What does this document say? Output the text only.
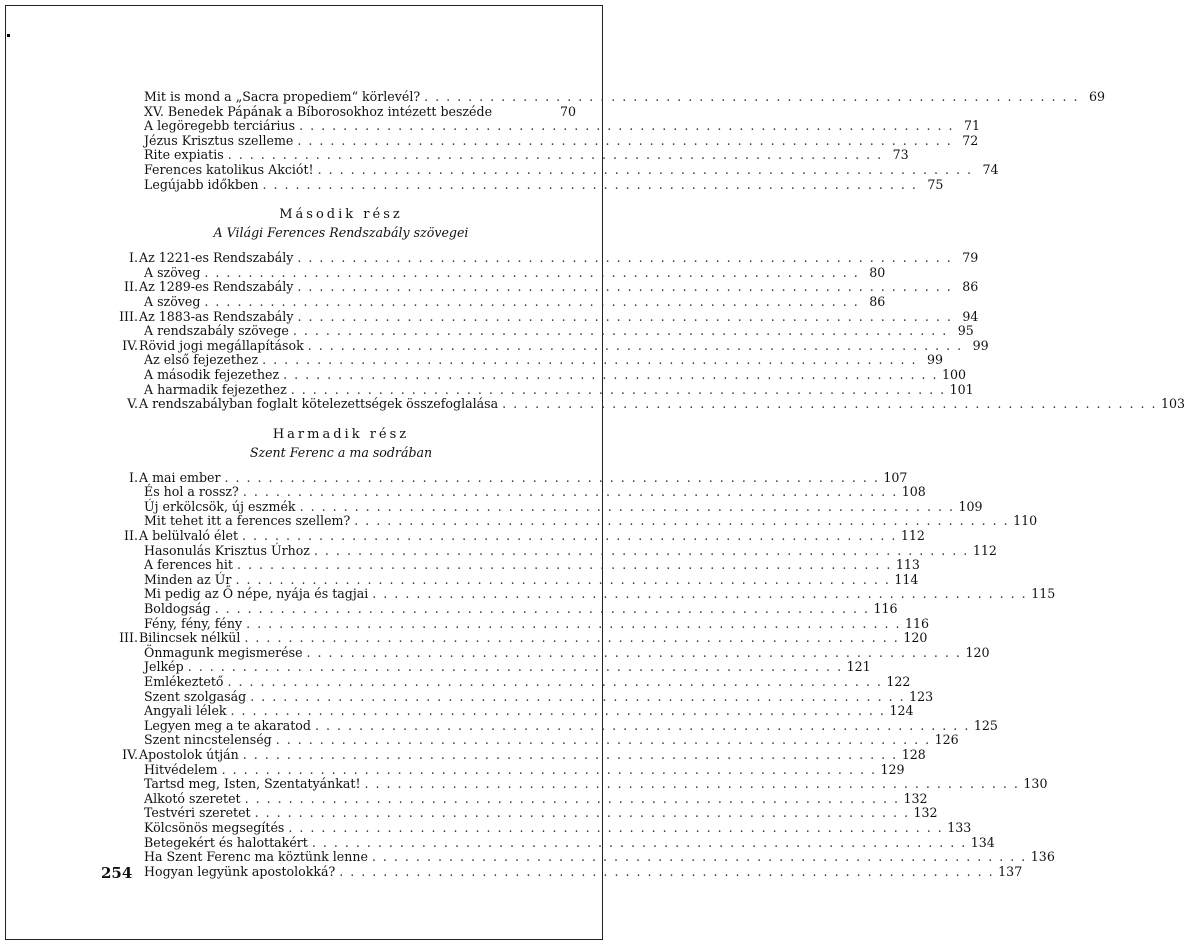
Mit is mond a „Sacra propediem“ körlevél? . . . . . . . . . . . . . . . . . . . . . . . . . . . . . . . . . . . . . . . . . . . . . . . . . . . . . . . . . . . . 69
XV. Benedek Pápának a Bíborosokhoz intézett beszéde	70
A legöregebb terciárius . . . . . . . . . . . . . . . . . . . . . . . . . . . . . . . . . . . . . . . . . . . . . . . . . . . . . . . . . . . . 71
Jézus Krisztus szelleme . . . . . . . . . . . . . . . . . . . . . . . . . . . . . . . . . . . . . . . . . . . . . . . . . . . . . . . . . . . . 72
Rite expiatis . . . . . . . . . . . . . . . . . . . . . . . . . . . . . . . . . . . . . . . . . . . . . . . . . . . . . . . . . . . . 73
Ferences katolikus Akciót! . . . . . . . . . . . . . . . . . . . . . . . . . . . . . . . . . . . . . . . . . . . . . . . . . . . . . . . . . . . . 74
Legújabb időkben . . . . . . . . . . . . . . . . . . . . . . . . . . . . . . . . . . . . . . . . . . . . . . . . . . . . . . . . . . . . 75
Második rész
A Világi Ferences Rendszabály szövegei
I. Az 1221-es Rendszabály . . . . . . . . . . . . . . . . . . . . . . . . . . . . . . . . . . . . . . . . . . . . . . . . . . . . . . . . . . . . 79
A szöveg . . . . . . . . . . . . . . . . . . . . . . . . . . . . . . . . . . . . . . . . . . . . . . . . . . . . . . . . . . . . 80
II. Az 1289-es Rendszabály . . . . . . . . . . . . . . . . . . . . . . . . . . . . . . . . . . . . . . . . . . . . . . . . . . . . . . . . . . . . 86
A szöveg . . . . . . . . . . . . . . . . . . . . . . . . . . . . . . . . . . . . . . . . . . . . . . . . . . . . . . . . . . . . 86
III. Az 1883-as Rendszabály . . . . . . . . . . . . . . . . . . . . . . . . . . . . . . . . . . . . . . . . . . . . . . . . . . . . . . . . . . . . 94
A rendszabály szövege . . . . . . . . . . . . . . . . . . . . . . . . . . . . . . . . . . . . . . . . . . . . . . . . . . . . . . . . . . . . 95
IV. Rövid jogi megállapítások . . . . . . . . . . . . . . . . . . . . . . . . . . . . . . . . . . . . . . . . . . . . . . . . . . . . . . . . . . . . 99
Az első fejezethez . . . . . . . . . . . . . . . . . . . . . . . . . . . . . . . . . . . . . . . . . . . . . . . . . . . . . . . . . . . . 99
A második fejezethez . . . . . . . . . . . . . . . . . . . . . . . . . . . . . . . . . . . . . . . . . . . . . . . . . . . . . . . . . . . . 100
A harmadik fejezethez . . . . . . . . . . . . . . . . . . . . . . . . . . . . . . . . . . . . . . . . . . . . . . . . . . . . . . . . . . . . 101
V. A rendszabályban foglalt kötelezettségek összefoglalása . . . . . . . . . . . . . . . . . . . . . . . . . . . . . . . . . . . . . . . . . . . . . . . . . . . . . . . . . . . . 103
Harmadik rész
Szent Ferenc a ma sodrában
I. A mai ember . . . . . . . . . . . . . . . . . . . . . . . . . . . . . . . . . . . . . . . . . . . . . . . . . . . . . . . . . . . . 107
És hol a rossz? . . . . . . . . . . . . . . . . . . . . . . . . . . . . . . . . . . . . . . . . . . . . . . . . . . . . . . . . . . . . 108
Új erkölcsök, új eszmék . . . . . . . . . . . . . . . . . . . . . . . . . . . . . . . . . . . . . . . . . . . . . . . . . . . . . . . . . . . . 109
Mit tehet itt a ferences szellem? . . . . . . . . . . . . . . . . . . . . . . . . . . . . . . . . . . . . . . . . . . . . . . . . . . . . . . . . . . . . 110
II. A belülvaló élet . . . . . . . . . . . . . . . . . . . . . . . . . . . . . . . . . . . . . . . . . . . . . . . . . . . . . . . . . . . . 112
Hasonulás Krisztus Úrhoz . . . . . . . . . . . . . . . . . . . . . . . . . . . . . . . . . . . . . . . . . . . . . . . . . . . . . . . . . . . . 112
A ferences hit . . . . . . . . . . . . . . . . . . . . . . . . . . . . . . . . . . . . . . . . . . . . . . . . . . . . . . . . . . . . 113
Minden az Úr . . . . . . . . . . . . . . . . . . . . . . . . . . . . . . . . . . . . . . . . . . . . . . . . . . . . . . . . . . . . 114
Mi pedig az Ő népe, nyája és tagjai . . . . . . . . . . . . . . . . . . . . . . . . . . . . . . . . . . . . . . . . . . . . . . . . . . . . . . . . . . . . 115
Boldogság . . . . . . . . . . . . . . . . . . . . . . . . . . . . . . . . . . . . . . . . . . . . . . . . . . . . . . . . . . . . 116
Fény, fény, fény . . . . . . . . . . . . . . . . . . . . . . . . . . . . . . . . . . . . . . . . . . . . . . . . . . . . . . . . . . . . 116
III. Bilincsek nélkül . . . . . . . . . . . . . . . . . . . . . . . . . . . . . . . . . . . . . . . . . . . . . . . . . . . . . . . . . . . . 120
Önmagunk megismerése . . . . . . . . . . . . . . . . . . . . . . . . . . . . . . . . . . . . . . . . . . . . . . . . . . . . . . . . . . . . 120
Jelkép . . . . . . . . . . . . . . . . . . . . . . . . . . . . . . . . . . . . . . . . . . . . . . . . . . . . . . . . . . . . 121
Emlékeztető . . . . . . . . . . . . . . . . . . . . . . . . . . . . . . . . . . . . . . . . . . . . . . . . . . . . . . . . . . . . 122
Szent szolgaság . . . . . . . . . . . . . . . . . . . . . . . . . . . . . . . . . . . . . . . . . . . . . . . . . . . . . . . . . . . . 123
Angyali lélek . . . . . . . . . . . . . . . . . . . . . . . . . . . . . . . . . . . . . . . . . . . . . . . . . . . . . . . . . . . . 124
Legyen meg a te akaratod . . . . . . . . . . . . . . . . . . . . . . . . . . . . . . . . . . . . . . . . . . . . . . . . . . . . . . . . . . . . 125
Szent nincstelenség . . . . . . . . . . . . . . . . . . . . . . . . . . . . . . . . . . . . . . . . . . . . . . . . . . . . . . . . . . . . 126
IV. Apostolok útján . . . . . . . . . . . . . . . . . . . . . . . . . . . . . . . . . . . . . . . . . . . . . . . . . . . . . . . . . . . . 128
Hitvédelem . . . . . . . . . . . . . . . . . . . . . . . . . . . . . . . . . . . . . . . . . . . . . . . . . . . . . . . . . . . . 129
Tartsd meg, Isten, Szentatyánkat! . . . . . . . . . . . . . . . . . . . . . . . . . . . . . . . . . . . . . . . . . . . . . . . . . . . . . . . . . . . . 130
Alkotó szeretet . . . . . . . . . . . . . . . . . . . . . . . . . . . . . . . . . . . . . . . . . . . . . . . . . . . . . . . . . . . . 132
Testvéri szeretet . . . . . . . . . . . . . . . . . . . . . . . . . . . . . . . . . . . . . . . . . . . . . . . . . . . . . . . . . . . . 132
Kölcsönös megsegítés . . . . . . . . . . . . . . . . . . . . . . . . . . . . . . . . . . . . . . . . . . . . . . . . . . . . . . . . . . . . 133
Betegekért és halottakért . . . . . . . . . . . . . . . . . . . . . . . . . . . . . . . . . . . . . . . . . . . . . . . . . . . . . . . . . . . . 134
Ha Szent Ferenc ma köztünk lenne . . . . . . . . . . . . . . . . . . . . . . . . . . . . . . . . . . . . . . . . . . . . . . . . . . . . . . . . . . . . 136
Hogyan legyünk apostolokká? . . . . . . . . . . . . . . . . . . . . . . . . . . . . . . . . . . . . . . . . . . . . . . . . . . . . . . . . . . . . 137
254
